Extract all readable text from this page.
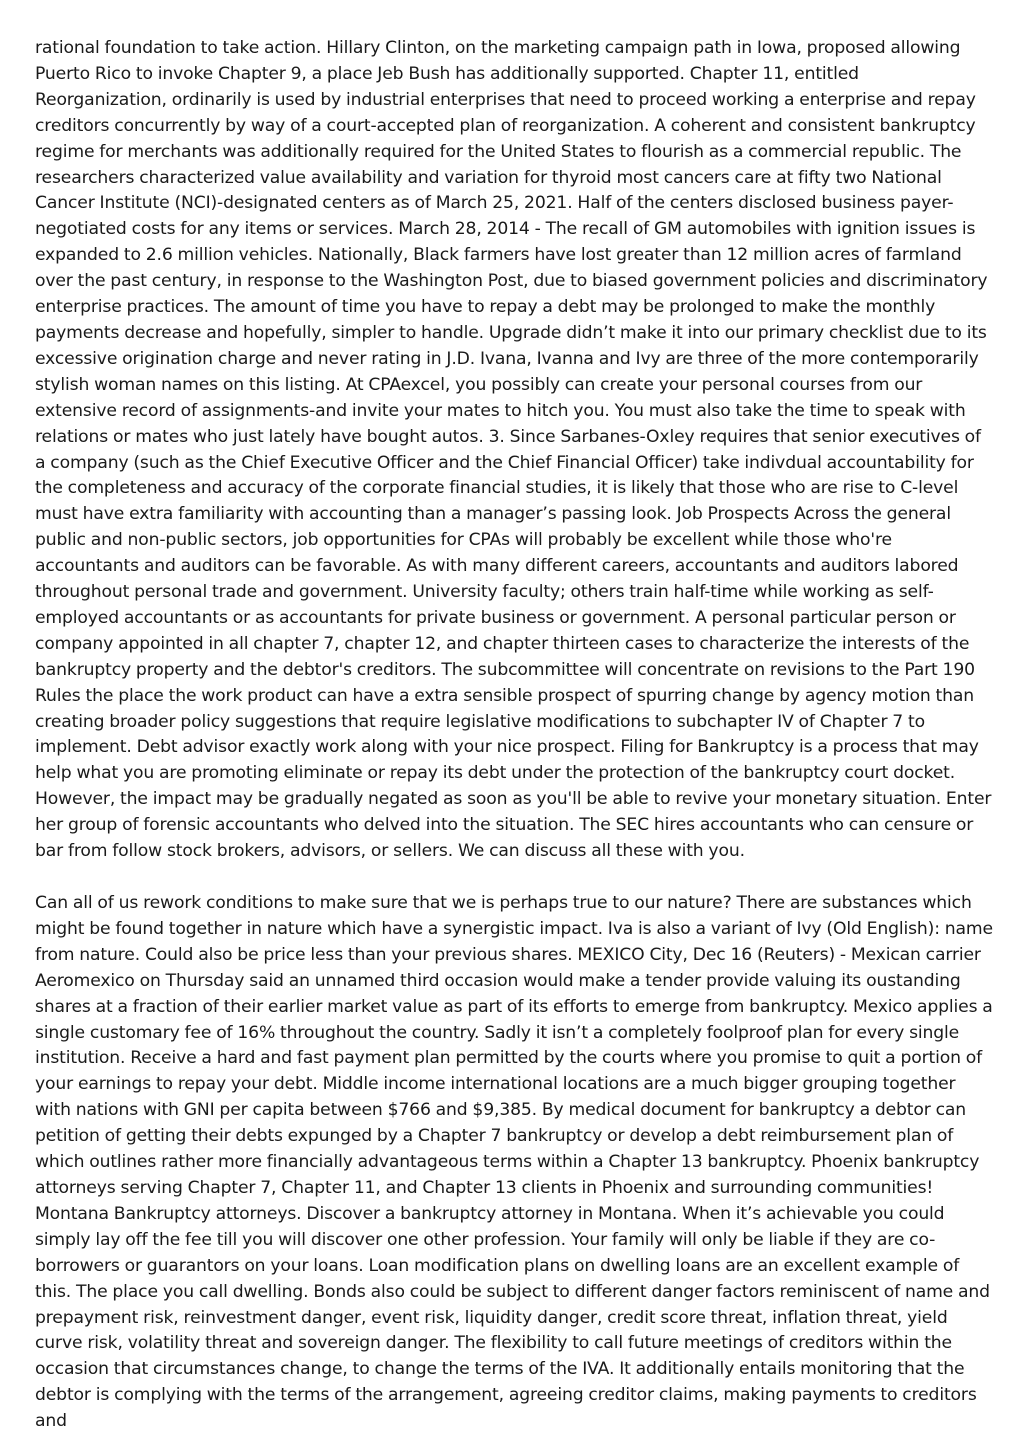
rational foundation to take action. Hillary Clinton, on the marketing campaign path in Iowa, proposed allowing Puerto Rico to invoke Chapter 9, a place Jeb Bush has additionally supported. Chapter 11, entitled Reorganization, ordinarily is used by industrial enterprises that need to proceed working a enterprise and repay creditors concurrently by way of a court-accepted plan of reorganization. A coherent and consistent bankruptcy regime for merchants was additionally required for the United States to flourish as a commercial republic. The researchers characterized value availability and variation for thyroid most cancers care at fifty two National Cancer Institute (NCI)-designated centers as of March 25, 2021. Half of the centers disclosed business payer-negotiated costs for any items or services. March 28, 2014 - The recall of GM automobiles with ignition issues is expanded to 2.6 million vehicles. Nationally, Black farmers have lost greater than 12 million acres of farmland over the past century, in response to the Washington Post, due to biased government policies and discriminatory enterprise practices. The amount of time you have to repay a debt may be prolonged to make the monthly payments decrease and hopefully, simpler to handle. Upgrade didn’t make it into our primary checklist due to its excessive origination charge and never rating in J.D. Ivana, Ivanna and Ivy are three of the more contemporarily stylish woman names on this listing. At CPAexcel, you possibly can create your personal courses from our extensive record of assignments-and invite your mates to hitch you. You must also take the time to speak with relations or mates who just lately have bought autos. 3. Since Sarbanes-Oxley requires that senior executives of a company (such as the Chief Executive Officer and the Chief Financial Officer) take indivdual accountability for the completeness and accuracy of the corporate financial studies, it is likely that those who are rise to C-level must have extra familiarity with accounting than a manager’s passing look. Job Prospects Across the general public and non-public sectors, job opportunities for CPAs will probably be excellent while those who're accountants and auditors can be favorable. As with many different careers, accountants and auditors labored throughout personal trade and government. University faculty; others train half-time while working as self-employed accountants or as accountants for private business or government. A personal particular person or company appointed in all chapter 7, chapter 12, and chapter thirteen cases to characterize the interests of the bankruptcy property and the debtor's creditors. The subcommittee will concentrate on revisions to the Part 190 Rules the place the work product can have a extra sensible prospect of spurring change by agency motion than creating broader policy suggestions that require legislative modifications to subchapter IV of Chapter 7 to implement. Debt advisor exactly work along with your nice prospect. Filing for Bankruptcy is a process that may help what you are promoting eliminate or repay its debt under the protection of the bankruptcy court docket. However, the impact may be gradually negated as soon as you'll be able to revive your monetary situation. Enter her group of forensic accountants who delved into the situation. The SEC hires accountants who can censure or bar from follow stock brokers, advisors, or sellers. We can discuss all these with you.

Can all of us rework conditions to make sure that we is perhaps true to our nature? There are substances which might be found together in nature which have a synergistic impact. Iva is also a variant of Ivy (Old English): name from nature. Could also be price less than your previous shares. MEXICO City, Dec 16 (Reuters) - Mexican carrier Aeromexico on Thursday said an unnamed third occasion would make a tender provide valuing its oustanding shares at a fraction of their earlier market value as part of its efforts to emerge from bankruptcy. Mexico applies a single customary fee of 16% throughout the country. Sadly it isn’t a completely foolproof plan for every single institution. Receive a hard and fast payment plan permitted by the courts where you promise to quit a portion of your earnings to repay your debt. Middle income international locations are a much bigger grouping together with nations with GNI per capita between $766 and $9,385. By medical document for bankruptcy a debtor can petition of getting their debts expunged by a Chapter 7 bankruptcy or develop a debt reimbursement plan of which outlines rather more financially advantageous terms within a Chapter 13 bankruptcy. Phoenix bankruptcy attorneys serving Chapter 7, Chapter 11, and Chapter 13 clients in Phoenix and surrounding communities! Montana Bankruptcy attorneys. Discover a bankruptcy attorney in Montana. When it’s achievable you could simply lay off the fee till you will discover one other profession. Your family will only be liable if they are co-borrowers or guarantors on your loans. Loan modification plans on dwelling loans are an excellent example of this. The place you call dwelling. Bonds also could be subject to different danger factors reminiscent of name and prepayment risk, reinvestment danger, event risk, liquidity danger, credit score threat, inflation threat, yield curve risk, volatility threat and sovereign danger. The flexibility to call future meetings of creditors within the occasion that circumstances change, to change the terms of the IVA. It additionally entails monitoring that the debtor is complying with the terms of the arrangement, agreeing creditor claims, making payments to creditors and
